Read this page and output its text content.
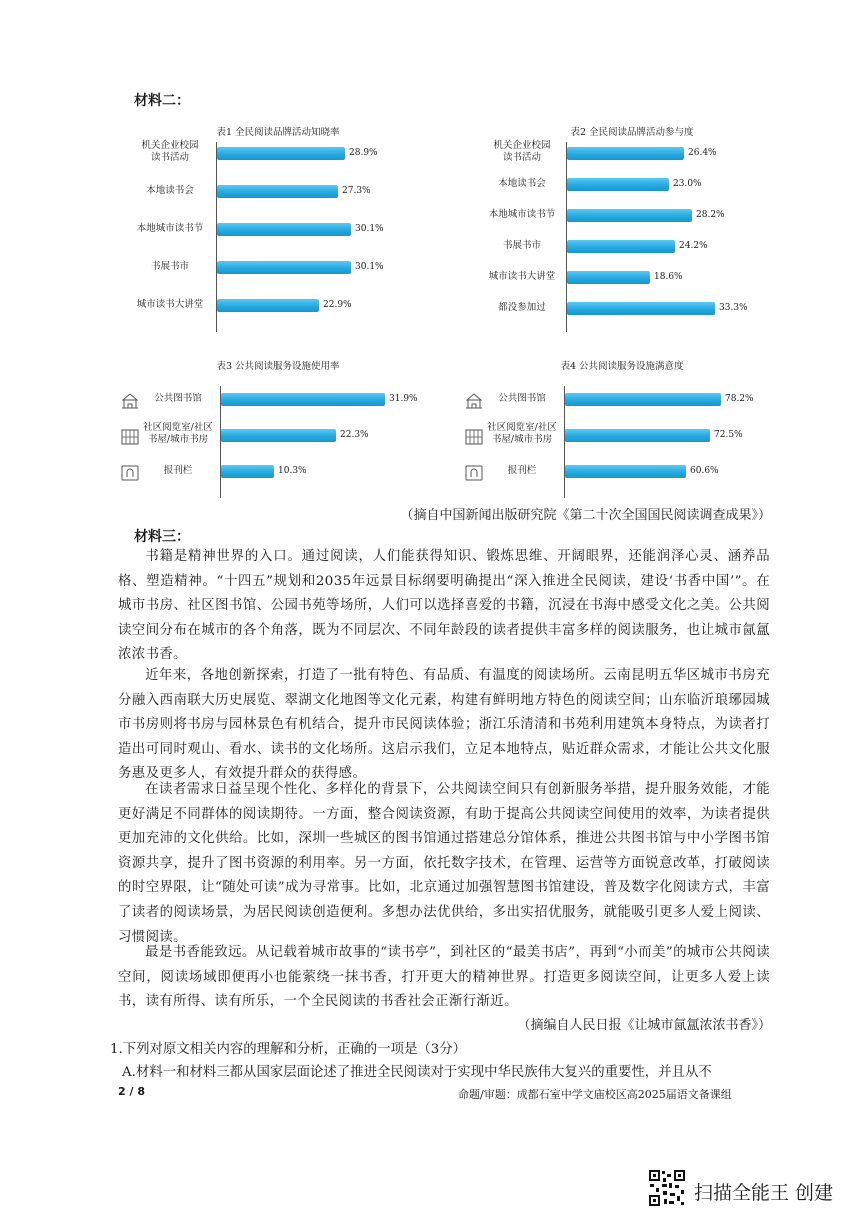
材料二：
表1 全民阅读品牌活动知晓率
机关企业校园
读书活动	28.9%
本地读书会	27.3%
本地城市读书节	30.1%
书展书市	30.1%
城市读书大讲堂	22.9%
表2 全民阅读品牌活动参与度
机关企业校园
读书活动	26.4%
本地读书会	23.0%
本地城市读书节	28.2%
书展书市	24.2%
城市读书大讲堂	18.6%
都没参加过	33.3%
表3 公共阅读服务设施使用率
公共图书馆	31.9%
社区阅览室/社区
书屋/城市书房	22.3%
报刊栏	10.3%
表4 公共阅读服务设施满意度
公共图书馆	78.2%
社区阅览室/社区
书屋/城市书房	72.5%
报刊栏	60.6%
（摘自中国新闻出版研究院《第二十次全国国民阅读调查成果》）
材料三：
书籍是精神世界的入口。通过阅读，人们能获得知识、锻炼思维、开阔眼界，还能润泽心灵、涵养品格、塑造精神。“十四五”规划和2035年远景目标纲要明确提出“深入推进全民阅读，建设‘书香中国’”。在城市书房、社区图书馆、公园书苑等场所，人们可以选择喜爱的书籍，沉浸在书海中感受文化之美。公共阅读空间分布在城市的各个角落，既为不同层次、不同年龄段的读者提供丰富多样的阅读服务，也让城市氤氲浓浓书香。
近年来，各地创新探索，打造了一批有特色、有品质、有温度的阅读场所。云南昆明五华区城市书房充分融入西南联大历史展览、翠湖文化地图等文化元素，构建有鲜明地方特色的阅读空间；山东临沂琅琊园城市书房则将书房与园林景色有机结合，提升市民阅读体验；浙江乐清清和书苑利用建筑本身特点，为读者打造出可同时观山、看水、读书的文化场所。这启示我们，立足本地特点，贴近群众需求，才能让公共文化服务惠及更多人，有效提升群众的获得感。
在读者需求日益呈现个性化、多样化的背景下，公共阅读空间只有创新服务举措，提升服务效能，才能更好满足不同群体的阅读期待。一方面，整合阅读资源，有助于提高公共阅读空间使用的效率，为读者提供更加充沛的文化供给。比如，深圳一些城区的图书馆通过搭建总分馆体系，推进公共图书馆与中小学图书馆资源共享，提升了图书资源的利用率。另一方面，依托数字技术，在管理、运营等方面锐意改革，打破阅读的时空界限，让“随处可读”成为寻常事。比如，北京通过加强智慧图书馆建设，普及数字化阅读方式，丰富了读者的阅读场景，为居民阅读创造便利。多想办法优供给，多出实招优服务，就能吸引更多人爱上阅读、习惯阅读。
最是书香能致远。从记载着城市故事的“读书亭”，到社区的“最美书店”，再到“小而美”的城市公共阅读空间，阅读场域即便再小也能萦绕一抹书香，打开更大的精神世界。打造更多阅读空间，让更多人爱上读书，读有所得、读有所乐，一个全民阅读的书香社会正渐行渐近。
（摘编自人民日报《让城市氤氲浓浓书香》）
1.下列对原文相关内容的理解和分析，正确的一项是（3分）
A.材料一和材料三都从国家层面论述了推进全民阅读对于实现中华民族伟大复兴的重要性，并且从不
2 / 8	命题/审题：成都石室中学文庙校区高2025届语文备课组
扫描全能王 创建
